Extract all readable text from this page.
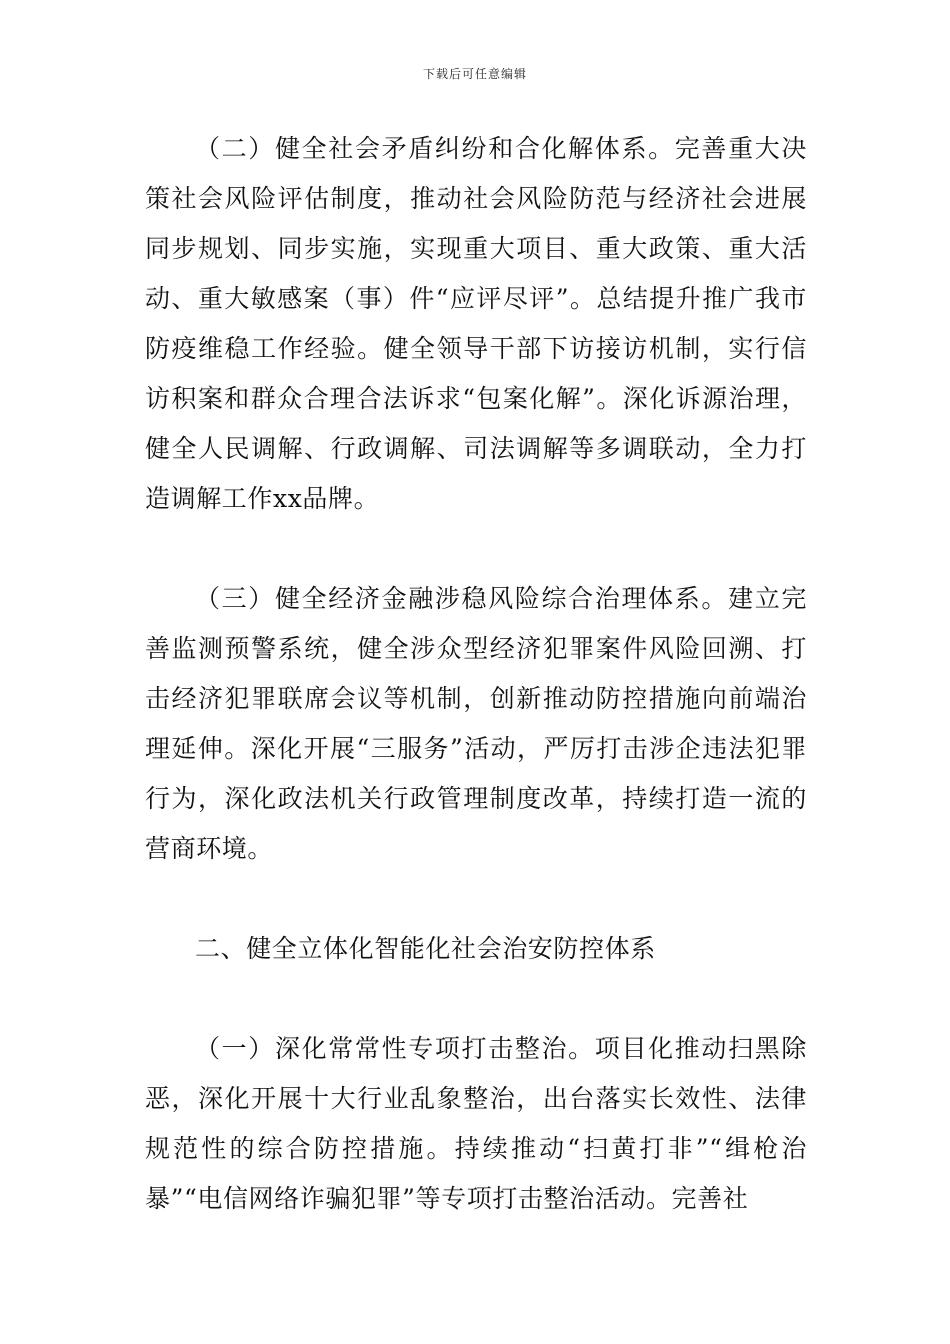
下载后可任意编辑

（二）健全社会矛盾纠纷和合化解体系。完善重大决策社会风险评估制度，推动社会风险防范与经济社会进展同步规划、同步实施，实现重大项目、重大政策、重大活动、重大敏感案（事）件“应评尽评”。总结提升推广我市防疫维稳工作经验。健全领导干部下访接访机制，实行信访积案和群众合理合法诉求“包案化解”。深化诉源治理，健全人民调解、行政调解、司法调解等多调联动，全力打造调解工作xx品牌。

（三）健全经济金融涉稳风险综合治理体系。建立完善监测预警系统，健全涉众型经济犯罪案件风险回溯、打击经济犯罪联席会议等机制，创新推动防控措施向前端治理延伸。深化开展“三服务”活动，严厉打击涉企违法犯罪行为，深化政法机关行政管理制度改革，持续打造一流的营商环境。

二、健全立体化智能化社会治安防控体系

（一）深化常常性专项打击整治。项目化推动扫黑除恶，深化开展十大行业乱象整治，出台落实长效性、法律规范性的综合防控措施。持续推动“扫黄打非”“缉枪治暴”“电信网络诈骗犯罪”等专项打击整治活动。完善社
